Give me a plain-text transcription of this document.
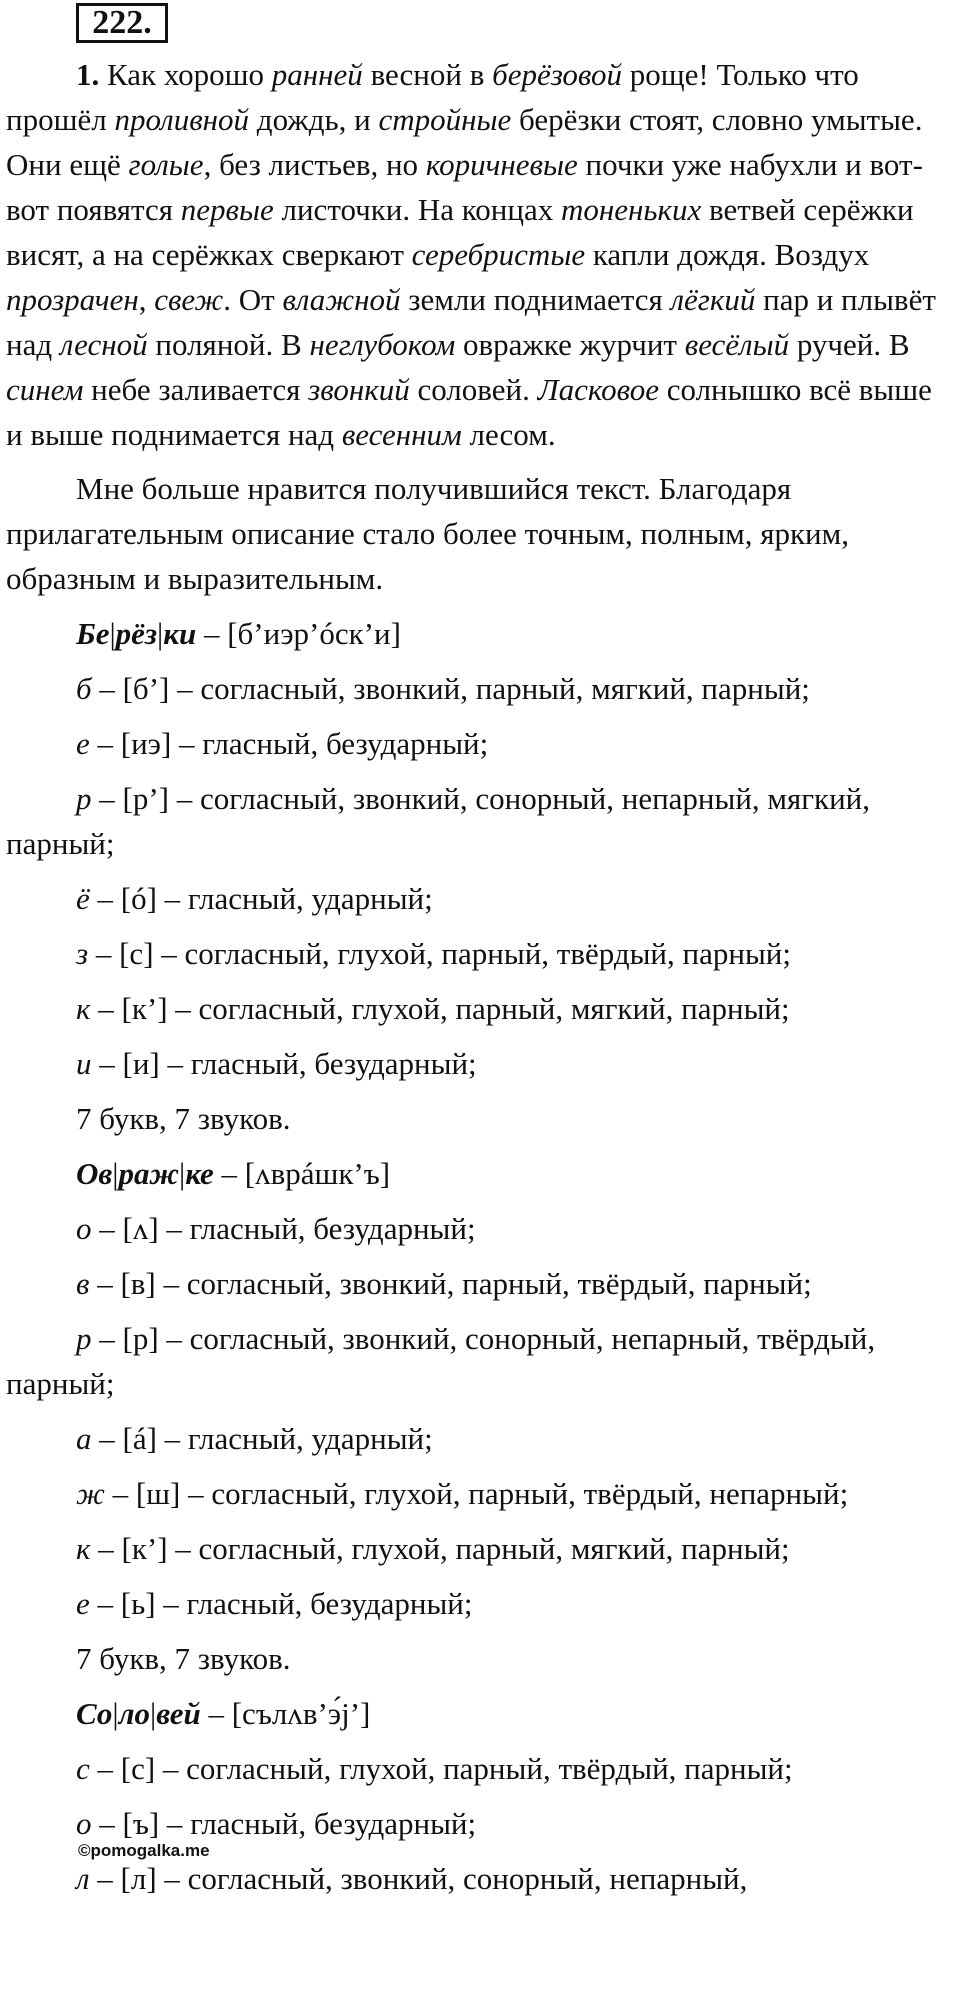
222.

1. Как хорошо ранней весной в берёзовой роще! Только что прошёл проливной дождь, и стройные берёзки стоят, словно умытые. Они ещё голые, без листьев, но коричневые почки уже набухли и вот-вот появятся первые листочки. На концах тоненьких ветвей серёжки висят, а на серёжках сверкают серебристые капли дождя. Воздух прозрачен, свеж. От влажной земли поднимается лёгкий пар и плывёт над лесной поляной. В неглубоком овражке журчит весёлый ручей. В синем небе заливается звонкий соловей. Ласковое солнышко всё выше и выше поднимается над весенним лесом.

Мне больше нравится получившийся текст. Благодаря прилагательным описание стало более точным, полным, ярким, образным и выразительным.

Бе|рёз|ки – [б’иэр’óск’и]

б – [б’] – согласный, звонкий, парный, мягкий, парный;

е – [иэ] – гласный, безударный;

р – [р’] – согласный, звонкий, сонорный, непарный, мягкий, парный;

ё – [ó] – гласный, ударный;

з – [с] – согласный, глухой, парный, твёрдый, парный;

к – [к’] – согласный, глухой, парный, мягкий, парный;

и – [и] – гласный, безударный;

7 букв, 7 звуков.

Ов|раж|ке – [ʌврáшк’ъ]

о – [ʌ] – гласный, безударный;

в – [в] – согласный, звонкий, парный, твёрдый, парный;

р – [р] – согласный, звонкий, сонорный, непарный, твёрдый, парный;

а – [á] – гласный, ударный;

ж – [ш] – согласный, глухой, парный, твёрдый, непарный;

к – [к’] – согласный, глухой, парный, мягкий, парный;

е – [ь] – гласный, безударный;

7 букв, 7 звуков.

Со|ло|вей – [сълʌв’э́j’]

с – [с] – согласный, глухой, парный, твёрдый, парный;

о – [ъ] – гласный, безударный;

л – [л] – согласный, звонкий, сонорный, непарный,

©pomogalka.me
